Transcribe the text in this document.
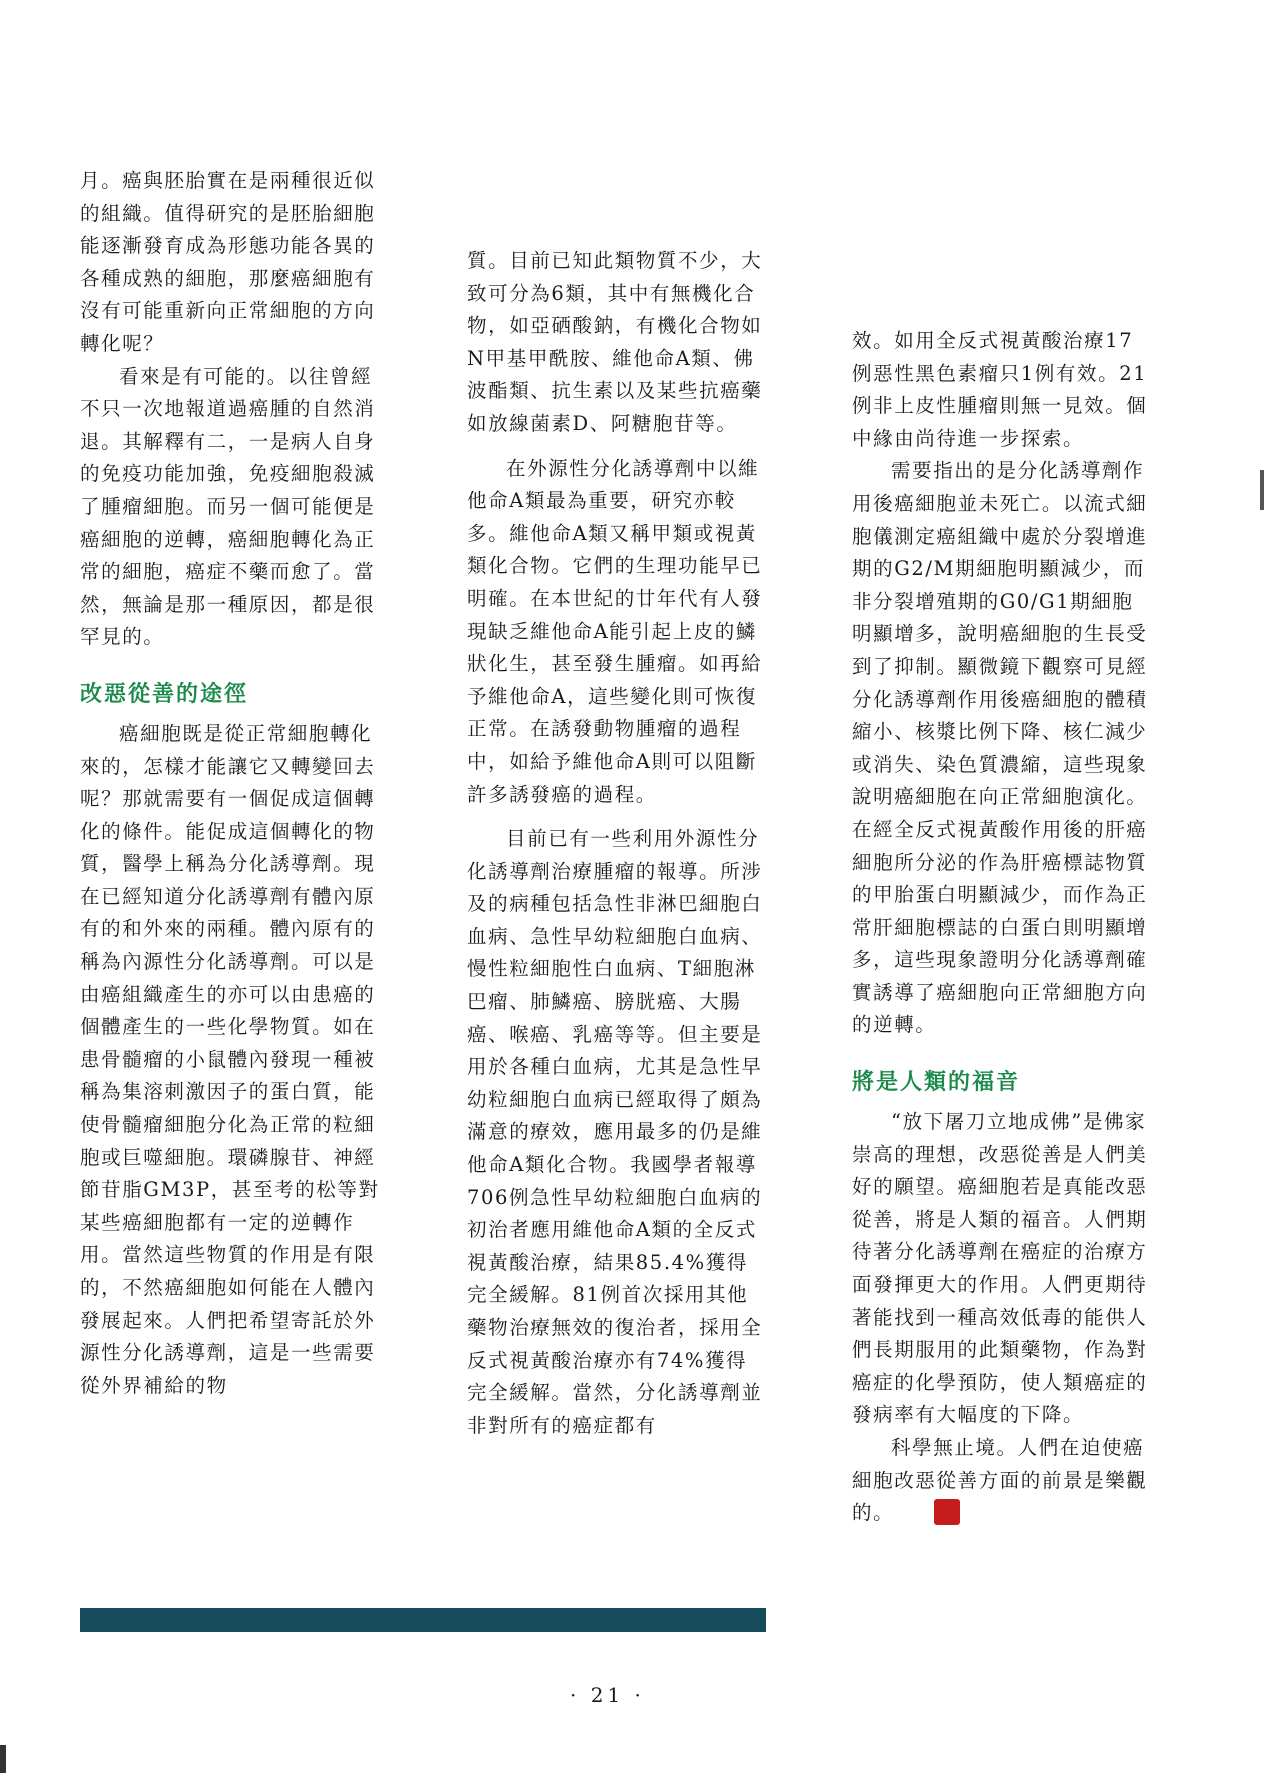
月。癌與胚胎實在是兩種很近似的組織。值得研究的是胚胎細胞能逐漸發育成為形態功能各異的各種成熟的細胞，那麼癌細胞有沒有可能重新向正常細胞的方向轉化呢？

看來是有可能的。以往曾經不只一次地報道過癌腫的自然消退。其解釋有二，一是病人自身的免疫功能加強，免疫細胞殺滅了腫瘤細胞。而另一個可能便是癌細胞的逆轉，癌細胞轉化為正常的細胞，癌症不藥而愈了。當然，無論是那一種原因，都是很罕見的。

改惡從善的途徑

癌細胞既是從正常細胞轉化來的，怎樣才能讓它又轉變回去呢？那就需要有一個促成這個轉化的條件。能促成這個轉化的物質，醫學上稱為分化誘導劑。現在已經知道分化誘導劑有體內原有的和外來的兩種。體內原有的稱為內源性分化誘導劑。可以是由癌組織產生的亦可以由患癌的個體產生的一些化學物質。如在患骨髓瘤的小鼠體內發現一種被稱為集溶刺激因子的蛋白質，能使骨髓瘤細胞分化為正常的粒細胞或巨噬細胞。環磷腺苷、神經節苷脂GM3P，甚至考的松等對某些癌細胞都有一定的逆轉作用。當然這些物質的作用是有限的，不然癌細胞如何能在人體內發展起來。人們把希望寄託於外源性分化誘導劑，這是一些需要從外界補給的物

質。目前已知此類物質不少，大致可分為6類，其中有無機化合物，如亞硒酸鈉，有機化合物如N甲基甲酰胺、維他命A類、佛波酯類、抗生素以及某些抗癌藥如放線菌素D、阿糖胞苷等。

在外源性分化誘導劑中以維他命A類最為重要，研究亦較多。維他命A類又稱甲類或視黃類化合物。它們的生理功能早已明確。在本世紀的廿年代有人發現缺乏維他命A能引起上皮的鱗狀化生，甚至發生腫瘤。如再給予維他命A，這些變化則可恢復正常。在誘發動物腫瘤的過程中，如給予維他命A則可以阻斷許多誘發癌的過程。

目前已有一些利用外源性分化誘導劑治療腫瘤的報導。所涉及的病種包括急性非淋巴細胞白血病、急性早幼粒細胞白血病、慢性粒細胞性白血病、T細胞淋巴瘤、肺鱗癌、膀胱癌、大腸癌、喉癌、乳癌等等。但主要是用於各種白血病，尤其是急性早幼粒細胞白血病已經取得了頗為滿意的療效，應用最多的仍是維他命A類化合物。我國學者報導706例急性早幼粒細胞白血病的初治者應用維他命A類的全反式視黃酸治療，結果85.4%獲得完全緩解。81例首次採用其他藥物治療無效的復治者，採用全反式視黃酸治療亦有74%獲得完全緩解。當然，分化誘導劑並非對所有的癌症都有

效。如用全反式視黃酸治療17例惡性黑色素瘤只1例有效。21例非上皮性腫瘤則無一見效。個中緣由尚待進一步探索。

需要指出的是分化誘導劑作用後癌細胞並未死亡。以流式細胞儀測定癌組織中處於分裂增進期的G2/M期細胞明顯減少，而非分裂增殖期的G0/G1期細胞明顯增多，說明癌細胞的生長受到了抑制。顯微鏡下觀察可見經分化誘導劑作用後癌細胞的體積縮小、核漿比例下降、核仁減少或消失、染色質濃縮，這些現象說明癌細胞在向正常細胞演化。在經全反式視黃酸作用後的肝癌細胞所分泌的作為肝癌標誌物質的甲胎蛋白明顯減少，而作為正常肝細胞標誌的白蛋白則明顯增多，這些現象證明分化誘導劑確實誘導了癌細胞向正常細胞方向的逆轉。

將是人類的福音

“放下屠刀立地成佛”是佛家崇高的理想，改惡從善是人們美好的願望。癌細胞若是真能改惡從善，將是人類的福音。人們期待著分化誘導劑在癌症的治療方面發揮更大的作用。人們更期待著能找到一種高效低毒的能供人們長期服用的此類藥物，作為對癌症的化學預防，使人類癌症的發病率有大幅度的下降。

科學無止境。人們在迫使癌細胞改惡從善方面的前景是樂觀的。

· 21 ·
